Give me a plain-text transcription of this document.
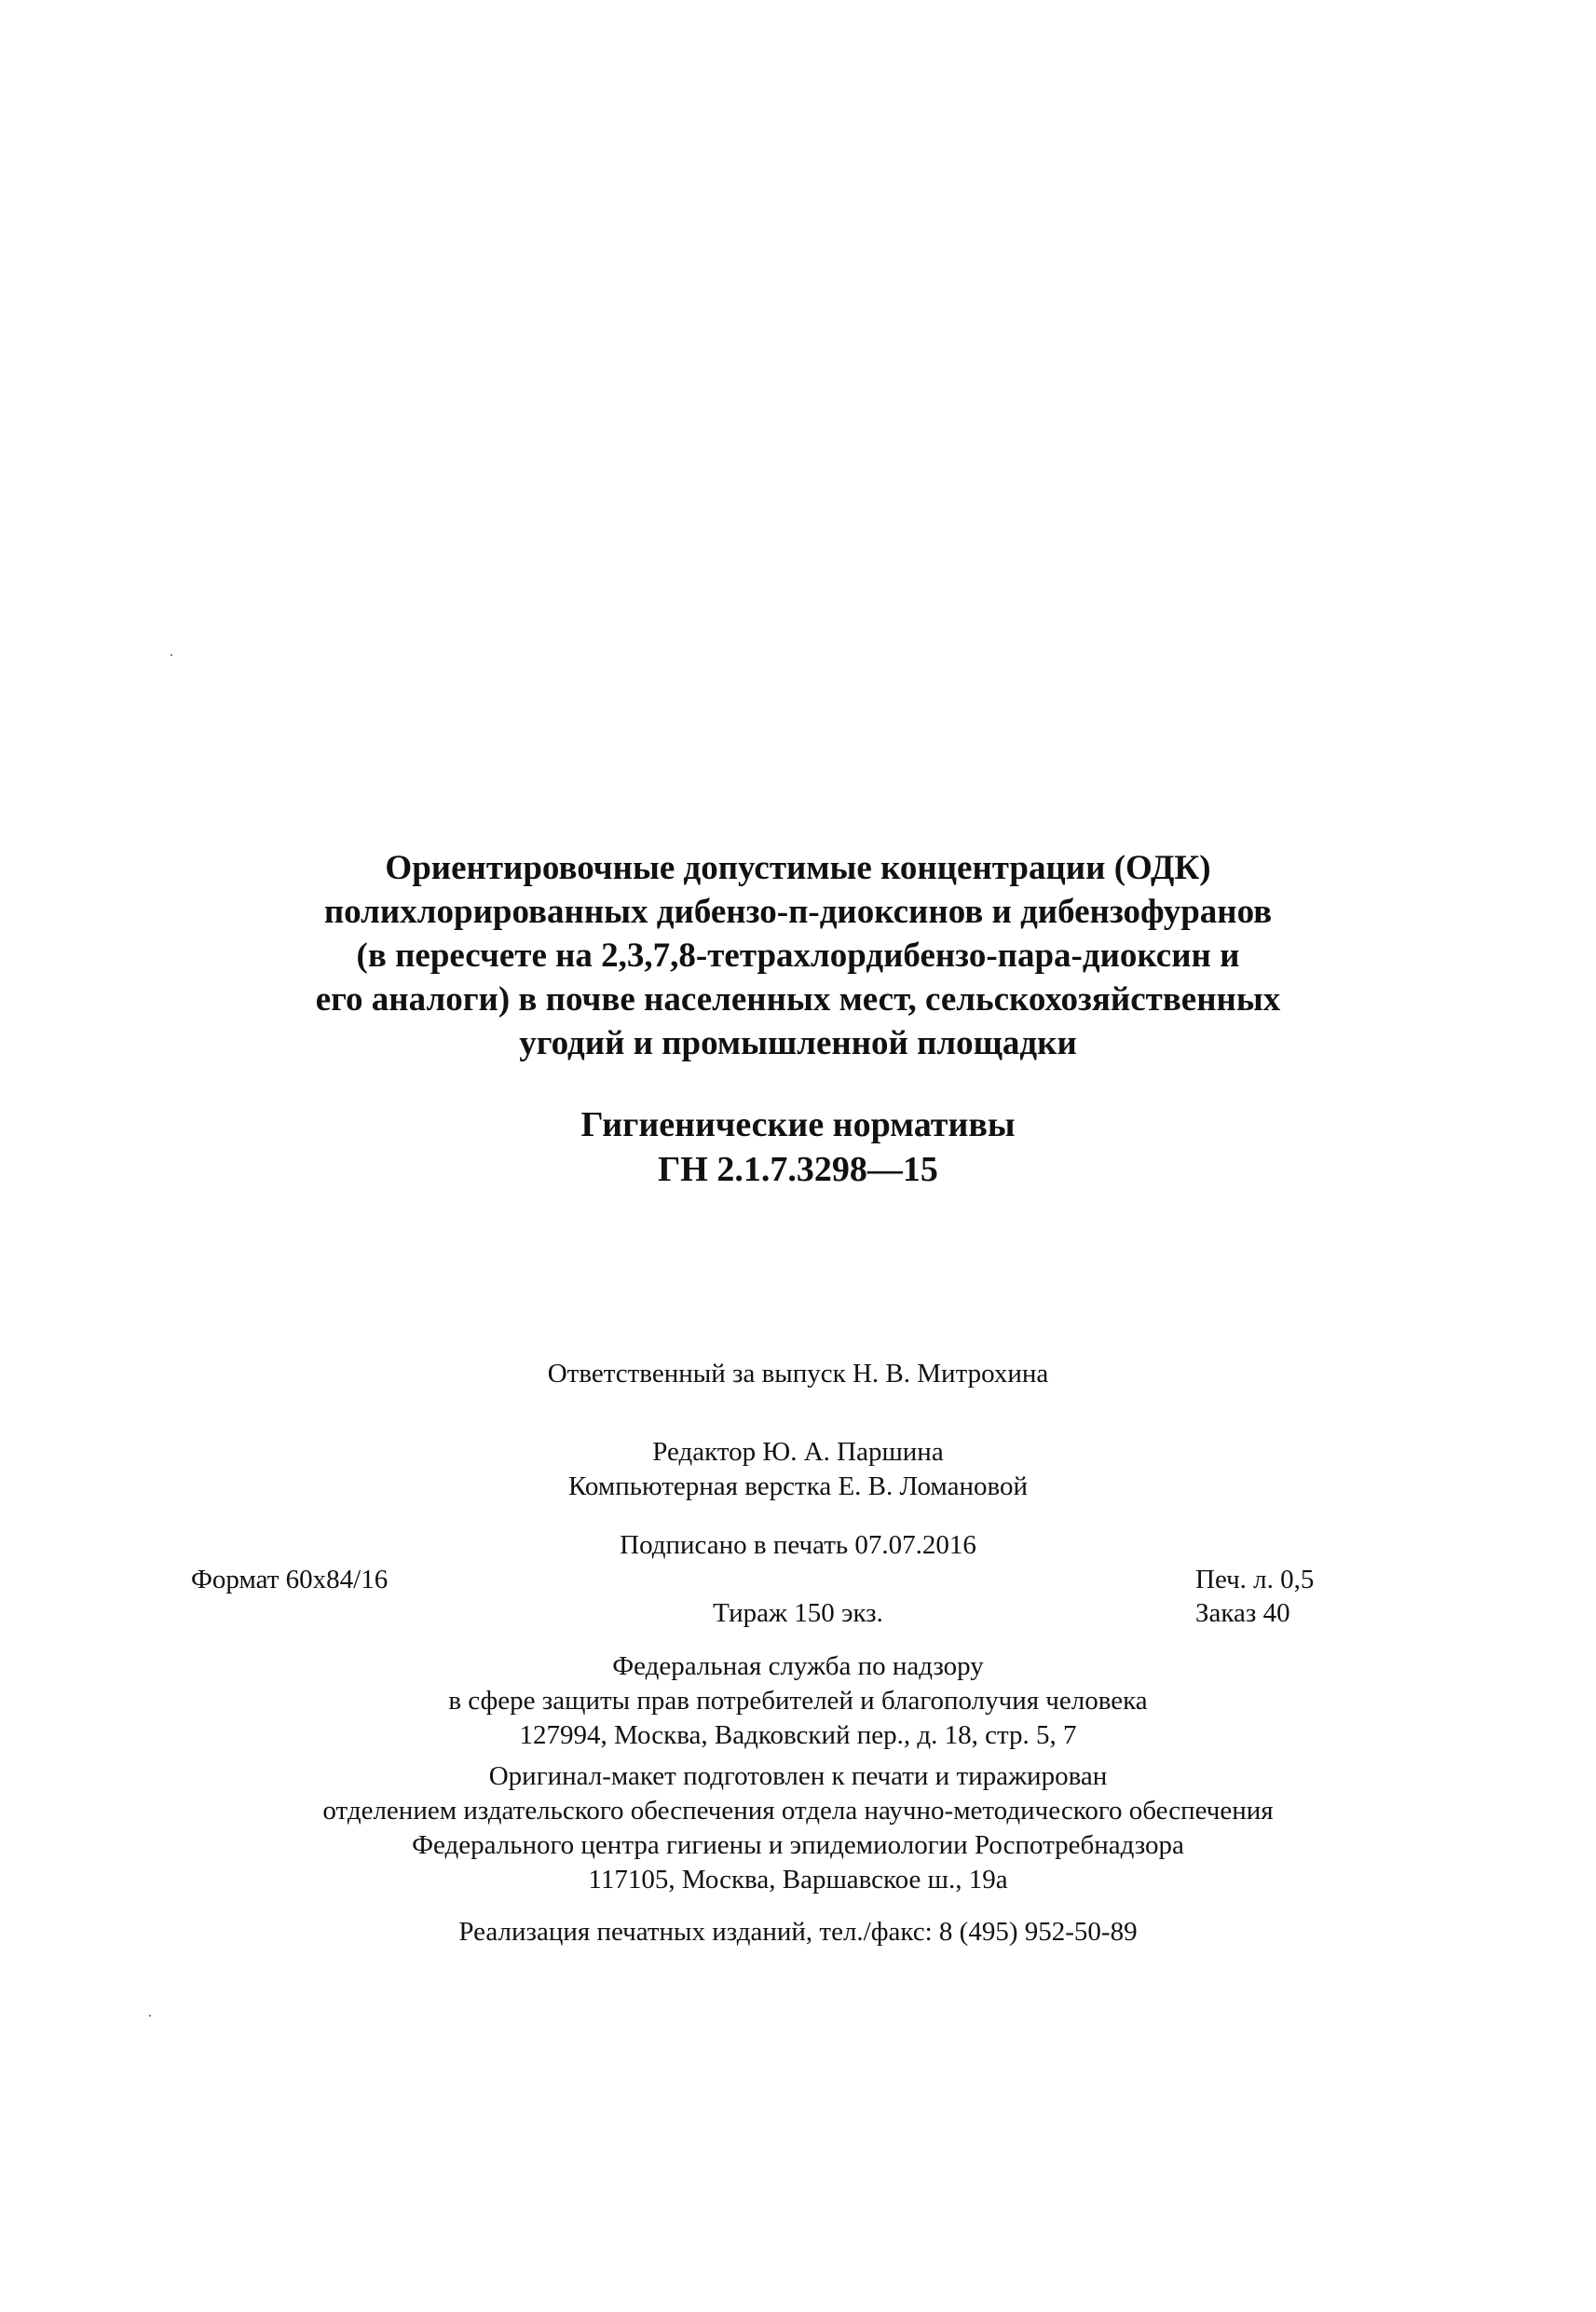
Ориентировочные допустимые концентрации (ОДК)
полихлорированных дибензо-п-диоксинов и дибензофуранов
(в пересчете на 2,3,7,8-тетрахлордибензо-пара-диоксин и
его аналоги) в почве населенных мест, сельскохозяйственных
угодий и промышленной площадки
Гигиенические нормативы
ГН 2.1.7.3298—15
Ответственный за выпуск Н. В. Митрохина
Редактор Ю. А. Паршина
Компьютерная верстка Е. В. Ломановой
Подписано в печать 07.07.2016
Формат 60x84/16	Печ. л. 0,5
Тираж 150 экз.	Заказ 40
Федеральная служба по надзору
в сфере защиты прав потребителей и благополучия человека
127994, Москва, Вадковский пер., д. 18, стр. 5, 7
Оригинал-макет подготовлен к печати и тиражирован
отделением издательского обеспечения отдела научно-методического обеспечения
Федерального центра гигиены и эпидемиологии Роспотребнадзора
117105, Москва, Варшавское ш., 19а
Реализация печатных изданий, тел./факс: 8 (495) 952-50-89
